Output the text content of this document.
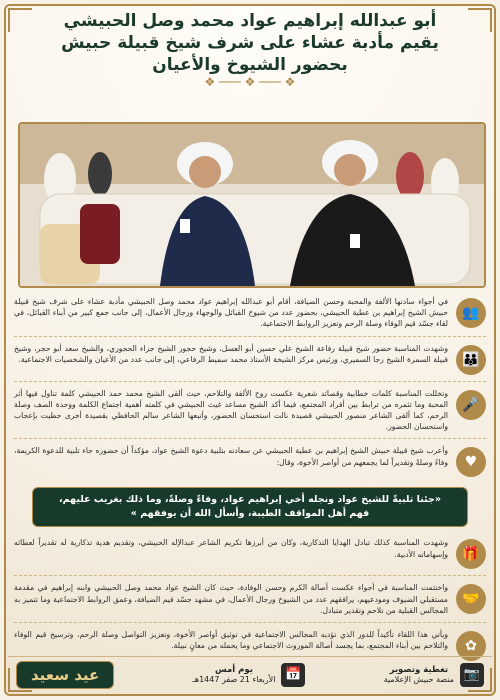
أبو عبدالله إبراهيم عواد محمد وصل الحبيشي
يقيم مأدبة عشاء على شرف شيخ قبيلة حبيش
بحضور الشيوخ والأعيان
❖ ─── ❖ ─── ❖
👥
في أجواء سادتها الألفة والمحبة وحسن الضيافة، أقام أبو عبدالله إبراهيم عواد محمد وصل الحبيشي مأدبة عشاء على شرف شيخ قبيلة حبيش الشيخ إبراهيم بن عطية الحبيشي، بحضور عدد من شيوخ القبائل والوجهاء ورجال الأعمال، إلى جانب جمع كبير من أبناء القبائل، في لقاء جسّد قيم الوفاء وصلة الرحم وتعزيز الروابط الاجتماعية.
👪
وشهدت المناسبة حضور شيخ قبيلة رفاعة الشيخ علي حسين أبو العسل، وشيخ حجور الشيخ جزاء الحجوري، والشيخ سعد أبو حجر، وشيخ قبيلة السمرة الشيخ رجا السميري، ورئيس مركز الشيخة الأستاذ محمد سميط الرفاعي، إلى جانب عدد من الأعيان والشخصيات الاجتماعية.
🎤
وتخللت المناسبة كلمات خطابية وقصائد شعرية عكست روح الألفة والتلاحم، حيث ألقى الشيخ محمد حمد الحبيشي كلمة تناول فيها أثر المحبة وما تثمره من ترابط بين أفراد المجتمع، فيما أكد الشيخ مساعد غيث الحبيشي في كلمته أهمية اجتماع الكلمة ووحدة الصف وصلة الرحم، كما ألقى الشاعر منصور الحبيشي قصيدة نالت استحسان الحضور، وأتبعها الشاعر سالم الحافظي بقصيدة أخرى حظيت بإعجاب واستحسان الحضور.
♥
وأعرب شيخ قبيلة حبيش الشيخ إبراهيم بن عطية الحبيشي عن سعادته بتلبية دعوة الشيخ عواد، مؤكداً أن حضوره جاء تلبية للدعوة الكريمة، وفاءً وصلةً وتقديراً لما يجمعهم من أواصر الأخوة، وقال:
«جئنا تلبيةً للشيخ عواد ونجله أخي إبراهيم عواد، وفاءً وصلةً، وما ذلك بغريب عليهم،
فهم أهل المواقف الطيبة، وأسأل الله أن يوفقهم »
🎁
وشهدت المناسبة كذلك تبادل الهدايا التذكارية، وكان من أبرزها تكريم الشاعر عبدالإله الحبيشي، وتقديم هدية تذكارية له تقديراً لعطائه وإسهاماته الأدبية.
🤝
واختتمت المناسبة في أجواء عكست أصالة الكرم وحسن الوفادة، حيث كان الشيخ عواد محمد وصل الحبيشي وابنه إبراهيم في مقدمة مستقبلي الضيوف ومودعيهم، يرافقهم عدد من الشيوخ ورجال الأعمال، في مشهد جسّد قيم الضيافة، وعمق الروابط الاجتماعية وما تتميز به المجالس القبلية من تلاحم وتقدير متبادل.
✿
ويأتي هذا اللقاء تأكيداً للدور الذي تؤديه المجالس الاجتماعية في توثيق أواصر الأخوة، وتعزيز التواصل وصلة الرحم، وترسيخ قيم الوفاء والتلاحم بين أبناء المجتمع، بما يجسد أصالة الموروث الاجتماعي وما يحمله من معانٍ نبيلة.
📷
تغطية وتصوير
منصة حبيش الإعلامية
📅
يوم أمس
الأربعاء 21 صفر 1447هـ
عيد سعيد
